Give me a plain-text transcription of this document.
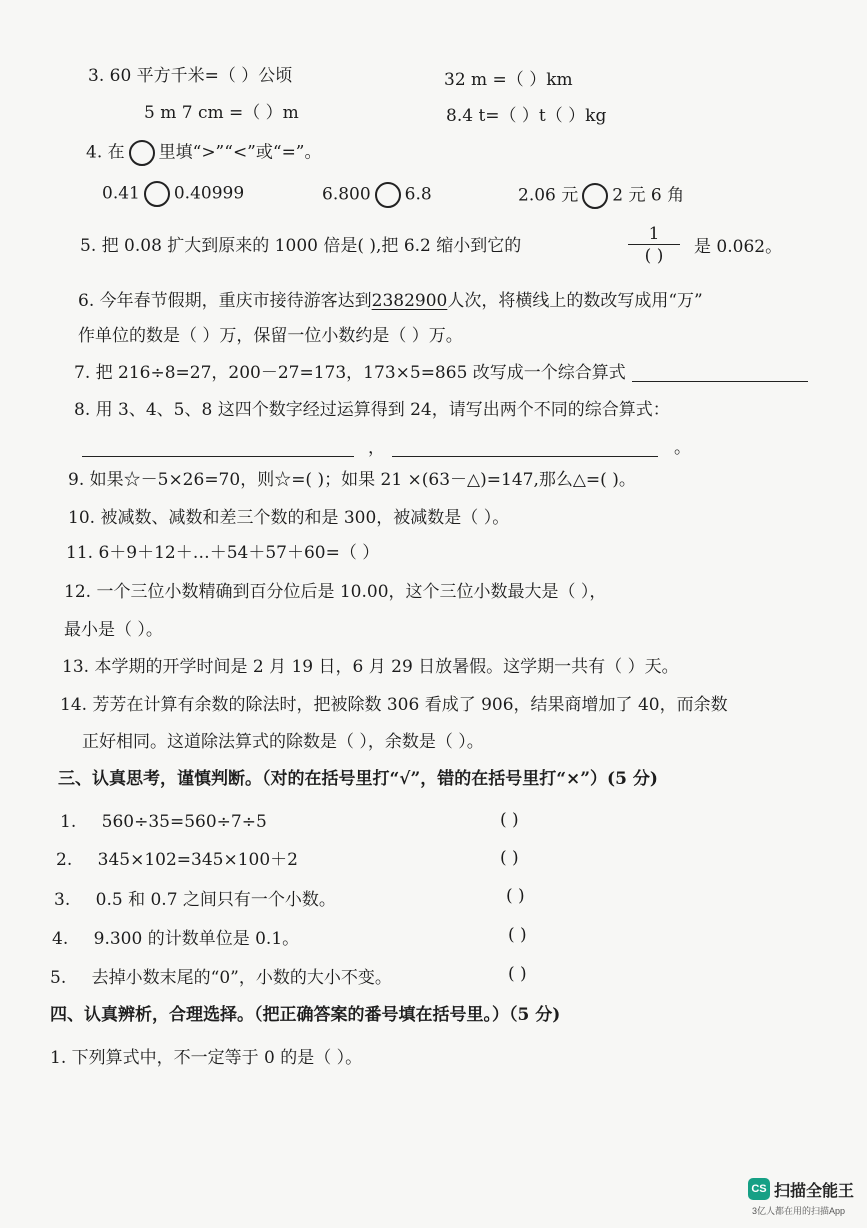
3. 60 平方千米=（ ）公顷	32 m =（ ）km
5 m 7 cm =（ ）m	8.4 t=（ ）t（ ）kg
4. 在 里填“>”“<”或“=”。
0.41 0.40999	6.800 6.8	2.06 元 2 元 6 角
5. 把 0.08 扩大到原来的 1000 倍是( ),把 6.2 缩小到它的
1
( )	是 0.062。
6. 今年春节假期，重庆市接待游客达到2382900人次，将横线上的数改写成用“万”
作单位的数是（ ）万，保留一位小数约是（ ）万。
7. 把 216÷8=27，200－27=173，173×5=865 改写成一个综合算式
8. 用 3、4、5、8 这四个数字经过运算得到 24，请写出两个不同的综合算式：
，	。
9. 如果☆－5×26=70，则☆=( )；如果 21 ×(63－△)=147,那么△=( )。
10. 被减数、减数和差三个数的和是 300，被减数是（ ）。
11. 6＋9＋12＋…＋54＋57＋60=（ ）
12. 一个三位小数精确到百分位后是 10.00，这个三位小数最大是（ ），
最小是（ ）。
13. 本学期的开学时间是 2 月 19 日，6 月 29 日放暑假。这学期一共有（ ）天。
14. 芳芳在计算有余数的除法时，把被除数 306 看成了 906，结果商增加了 40，而余数
正好相同。这道除法算式的除数是（ ），余数是（ ）。
三、认真思考，谨慎判断。（对的在括号里打“√”，错的在括号里打“×”）(5 分)
1. 560÷35=560÷7÷5	( )
2. 345×102=345×100＋2	( )
3. 0.5 和 0.7 之间只有一个小数。	( )
4. 9.300 的计数单位是 0.1。	( )
5. 去掉小数末尾的“0”，小数的大小不变。	( )
四、认真辨析，合理选择。（把正确答案的番号填在括号里。）（5 分)
1. 下列算式中，不一定等于 0 的是（ ）。
CS 扫描全能王
3亿人都在用的扫描App
